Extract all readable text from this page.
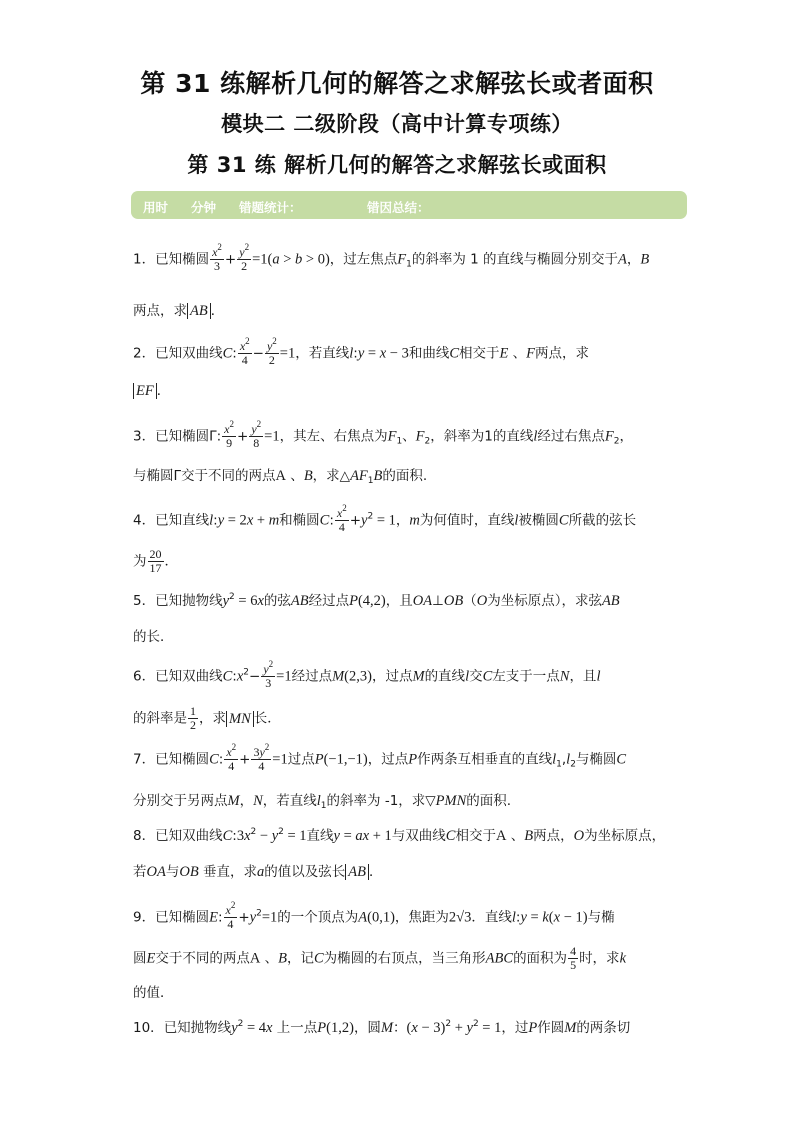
第 31 练解析几何的解答之求解弦长或者面积
模块二 二级阶段（高中计算专项练）
第 31 练 解析几何的解答之求解弦长或面积
用时 分钟 错题统计：	错因总结：
1．已知椭圆 $\frac{x^2}{3} + \frac{y^2}{2} =1(a > b > 0)$，过左焦点$F_1$的斜率为 1 的直线与椭圆分别交于A，B
两点，求 AB ．
2．已知双曲线C: $\frac{x^2}{4} - \frac{y^2}{2} =1$，若直线l:y = x − 3和曲线C相交于E 、F两点，求
EF ．
3．已知椭圆Γ: $\frac{x^2}{9} + \frac{y^2}{8} =1$，其左、右焦点为$F_1$、$F_2$，斜率为1的直线l经过右焦点$F_2$，
与椭圆Γ交于不同的两点A 、B，求$\triangle AF_1B$的面积.
4．已知直线l:y = 2x + m和椭圆C: $\frac{x^2}{4} +y^2 = 1$，m为何值时，直线l被椭圆C所截的弦长
为 $\frac{20}{17}$ ．
5．已知抛物线$y^2 = 6x$的弦AB经过点P(4,2)，且OA⊥OB（O为坐标原点），求弦AB
的长．
6．已知双曲线$C:x^2- \frac{y^2}{3} =1$经过点M(2,3)，过点M的直线l交C左支于一点N，且l
的斜率是 $\frac{1}{2}$ ，求 MN 长．
7．已知椭圆C: $\frac{x^2}{4} + \frac{3y^2}{4} =1$过点P(−1,−1)，过点P作两条互相垂直的直线$l_1,l_2$与椭圆C
分别交于另两点M，N，若直线$l_1$的斜率为 -1，求▽PMN的面积.
8．已知双曲线$C:3x^2 - y^2 = 1$直线y = ax + 1与双曲线C相交于A 、B两点，O为坐标原点，
若OA与OB 垂直，求a的值以及弦长 AB ．
9．已知椭圆E: $\frac{x^2}{4} +y^2=1$的一个顶点为A(0,1)，焦距为2√3．直线l:y = k(x − 1)与椭
圆E交于不同的两点A 、B，记C为椭圆的右顶点，当三角形ABC的面积为 $\frac{4}{5}$ 时，求k
的值．
10．已知抛物线$y^2 = 4x$ 上一点P(1,2)，圆M：$(x - 3)^2 + y^2 = 1$，过P作圆M的两条切
